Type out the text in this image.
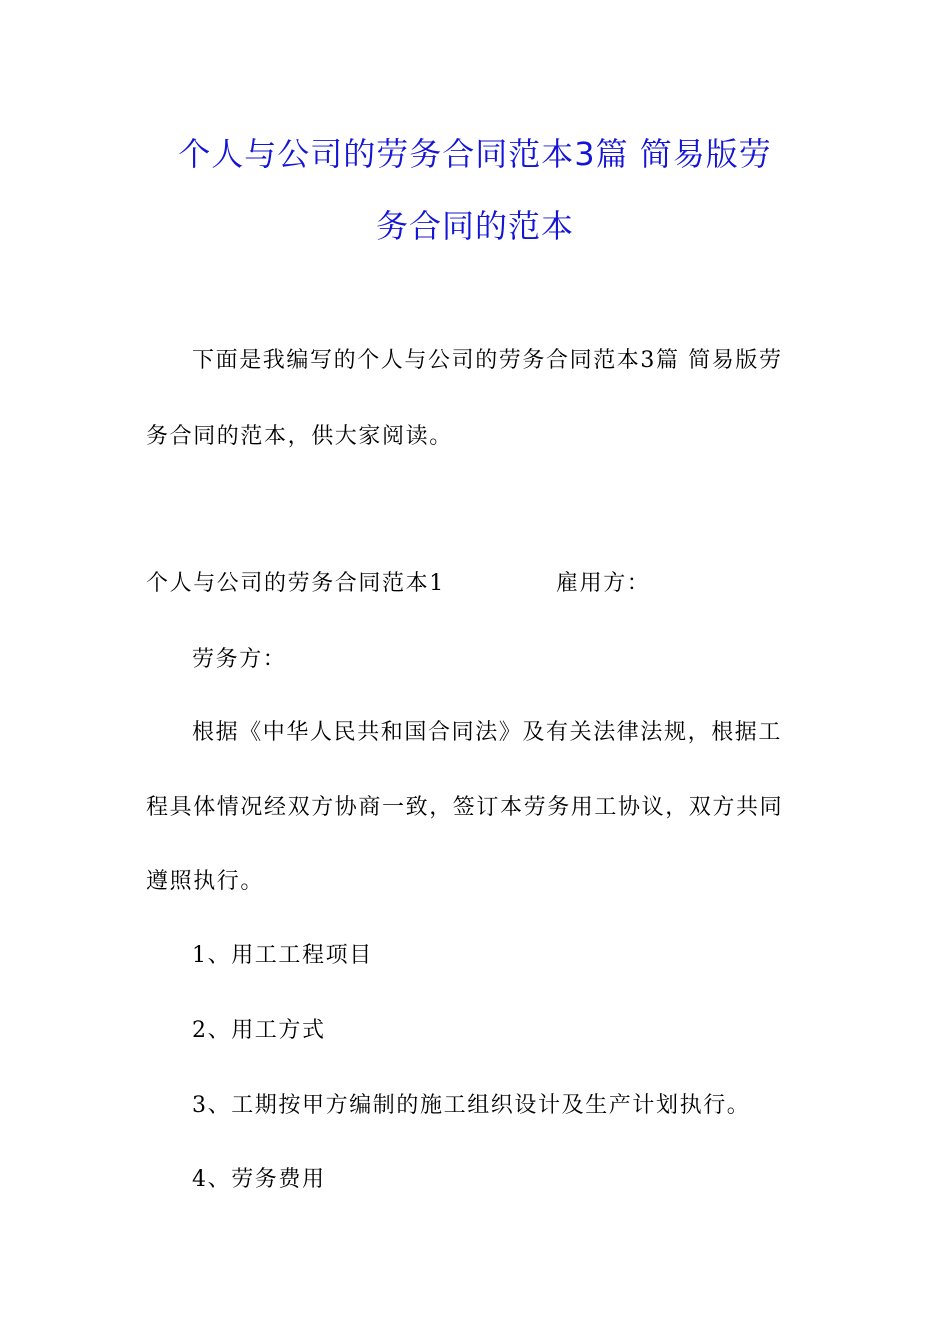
个人与公司的劳务合同范本3篇 简易版劳
务合同的范本
下面是我编写的个人与公司的劳务合同范本3篇 简易版劳
务合同的范本，供大家阅读。
个人与公司的劳务合同范本1	雇用方：
劳务方：
根据《中华人民共和国合同法》及有关法律法规，根据工
程具体情况经双方协商一致，签订本劳务用工协议，双方共同
遵照执行。
1、用工工程项目
2、用工方式
3、工期按甲方编制的施工组织设计及生产计划执行。
4、劳务费用
